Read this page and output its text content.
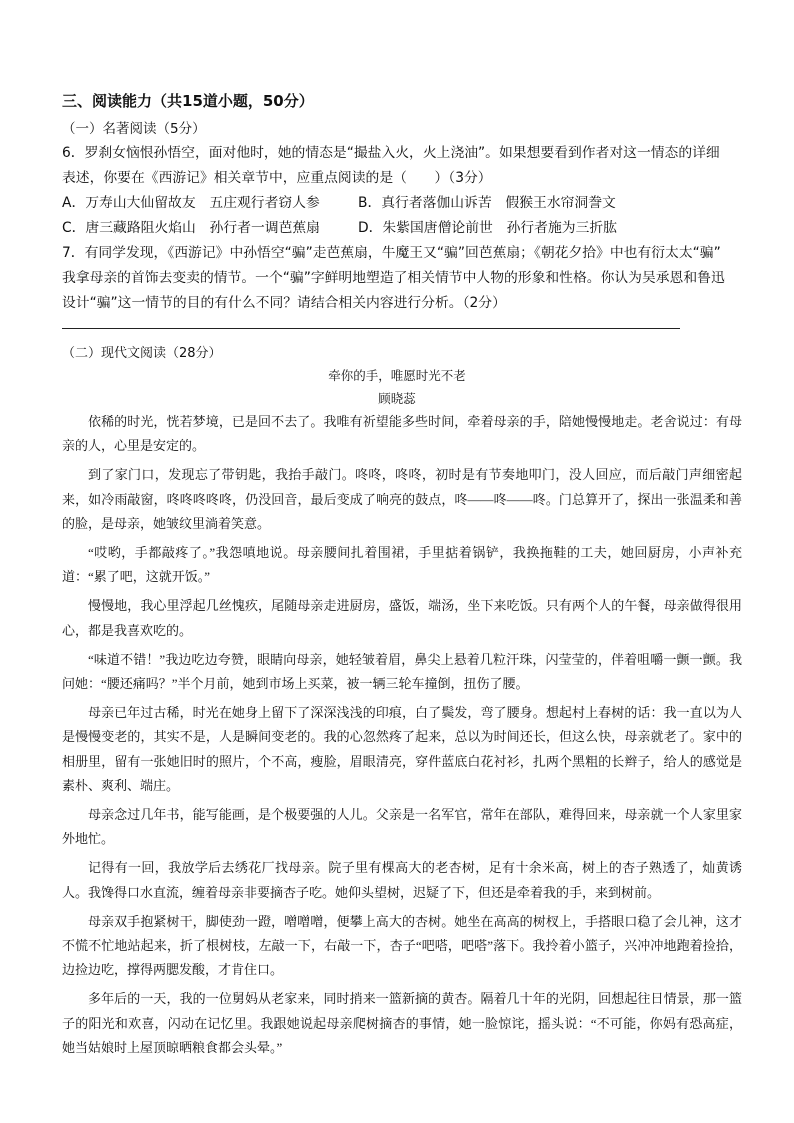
三、阅读能力（共15道小题，50分）
（一）名著阅读（5分）
6．罗刹女恼恨孙悟空，面对他时，她的情态是“撮盐入火，火上浇油”。如果想要看到作者对这一情态的详细
表述，你要在《西游记》相关章节中，应重点阅读的是（　　）（3分）
A．万寿山大仙留故友　五庄观行者窃人参	B．真行者落伽山诉苦　假猴王水帘洞誊文
C．唐三藏路阻火焰山　孙行者一调芭蕉扇	D．朱紫国唐僧论前世　孙行者施为三折肱
7．有同学发现，《西游记》中孙悟空“骗”走芭蕉扇，牛魔王又“骗”回芭蕉扇；《朝花夕拾》中也有衍太太“骗”
我拿母亲的首饰去变卖的情节。一个“骗”字鲜明地塑造了相关情节中人物的形象和性格。你认为吴承恩和鲁迅
设计“骗”这一情节的目的有什么不同？请结合相关内容进行分析。（2分）
（二）现代文阅读（28分）
牵你的手，唯愿时光不老
顾晓蕊

依稀的时光，恍若梦境，已是回不去了。我唯有祈望能多些时间，牵着母亲的手，陪她慢慢地走。老舍说过：有母亲的人，心里是安定的。

到了家门口，发现忘了带钥匙，我抬手敲门。咚咚，咚咚，初时是有节奏地叩门，没人回应，而后敲门声细密起来，如冷雨敲窗，咚咚咚咚咚，仍没回音，最后变成了响亮的鼓点，咚——咚——咚。门总算开了，探出一张温柔和善的脸，是母亲，她皱纹里淌着笑意。

“哎哟，手都敲疼了。”我怨嗔地说。母亲腰间扎着围裙，手里掂着锅铲，我换拖鞋的工夫，她回厨房，小声补充道：“累了吧，这就开饭。”

慢慢地，我心里浮起几丝愧疚，尾随母亲走进厨房，盛饭，端汤，坐下来吃饭。只有两个人的午餐，母亲做得很用心，都是我喜欢吃的。

“味道不错！”我边吃边夸赞，眼睛向母亲，她轻皱着眉，鼻尖上悬着几粒汗珠，闪莹莹的，伴着咀嚼一颤一颤。我问她：“腰还痛吗？”半个月前，她到市场上买菜，被一辆三轮车撞倒，扭伤了腰。

母亲已年过古稀，时光在她身上留下了深深浅浅的印痕，白了鬓发，弯了腰身。想起村上春树的话：我一直以为人是慢慢变老的，其实不是，人是瞬间变老的。我的心忽然疼了起来，总以为时间还长，但这么快，母亲就老了。家中的相册里，留有一张她旧时的照片，个不高，瘦脸，眉眼清亮，穿件蓝底白花衬衫，扎两个黑粗的长辫子，给人的感觉是素朴、爽利、端庄。

母亲念过几年书，能写能画，是个极要强的人儿。父亲是一名军官，常年在部队，难得回来，母亲就一个人家里家外地忙。

记得有一回，我放学后去绣花厂找母亲。院子里有棵高大的老杏树，足有十余米高，树上的杏子熟透了，灿黄诱人。我馋得口水直流，缠着母亲非要摘杏子吃。她仰头望树，迟疑了下，但还是牵着我的手，来到树前。

母亲双手抱紧树干，脚使劲一蹬，噌噌噌，便攀上高大的杏树。她坐在高高的树杈上，手搭眼口稳了会儿神，这才不慌不忙地站起来，折了根树枝，左敲一下，右敲一下，杏子“吧嗒，吧嗒”落下。我拎着小篮子，兴冲冲地跑着捡拾，边捡边吃，撑得两腮发酸，才肯住口。

多年后的一天，我的一位舅妈从老家来，同时捎来一篮新摘的黄杏。隔着几十年的光阴，回想起往日情景，那一篮子的阳光和欢喜，闪动在记忆里。我跟她说起母亲爬树摘杏的事情，她一脸惊诧，摇头说：“不可能，你妈有恐高症，她当姑娘时上屋顶晾晒粮食都会头晕。”
